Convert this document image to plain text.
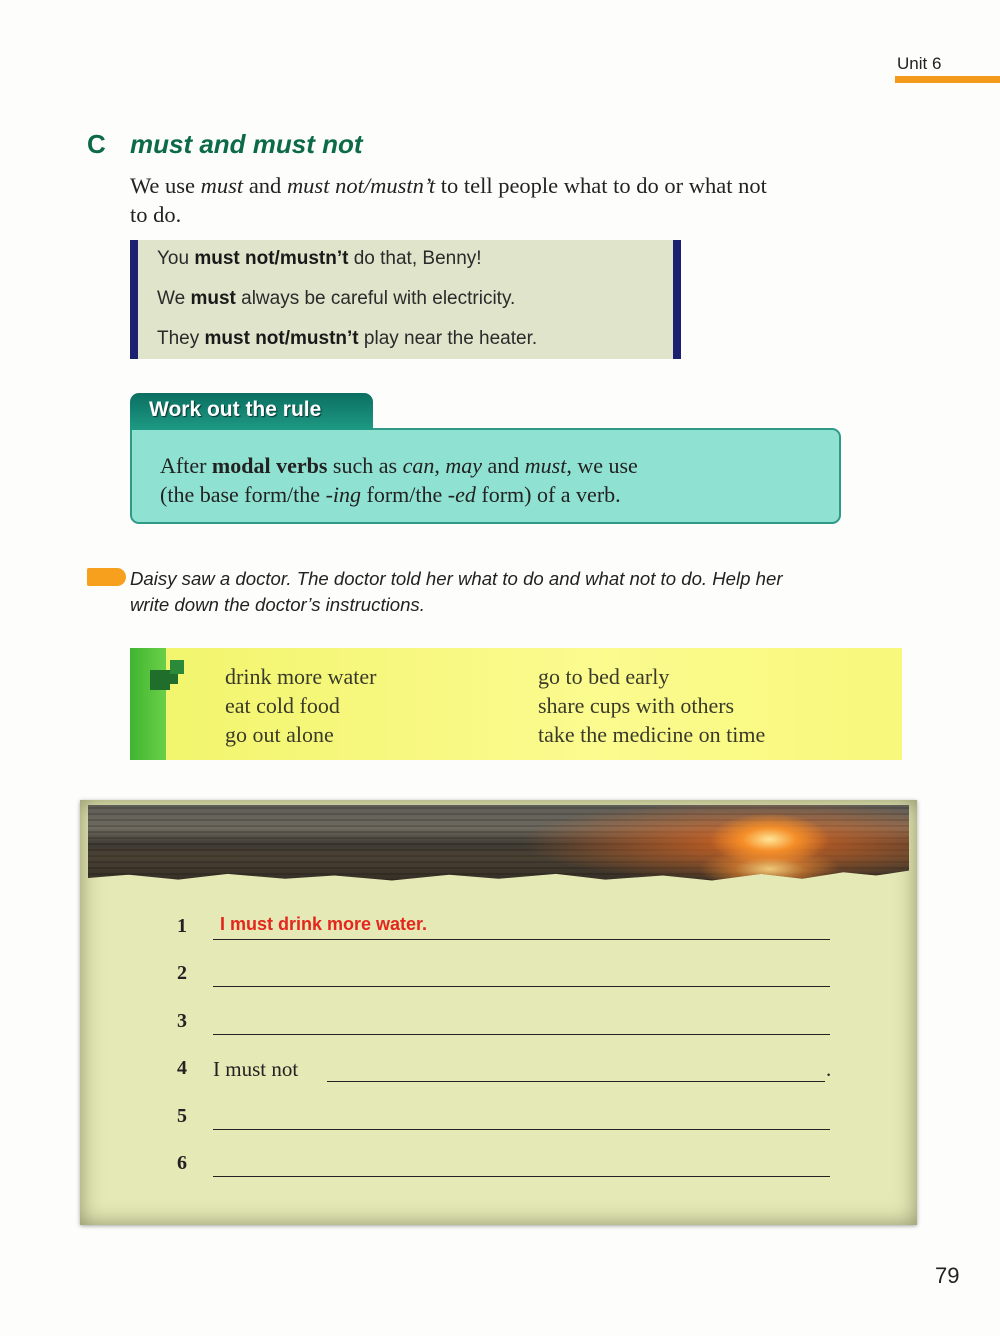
Unit 6
C must and must not
We use must and must not/mustn’t to tell people what to do or what not
to do.
You must not/mustn’t do that, Benny!
We must always be careful with electricity.
They must not/mustn’t play near the heater.
Work out the rule
After modal verbs such as can, may and must, we use
(the base form/the -ing form/the -ed form) of a verb.
Daisy saw a doctor. The doctor told her what to do and what not to do. Help her
write down the doctor’s instructions.
drink more water
eat cold food
go out alone
go to bed early
share cups with others
take the medicine on time
1 I must drink more water.
2
3
4 I must not	.
5
6
79
